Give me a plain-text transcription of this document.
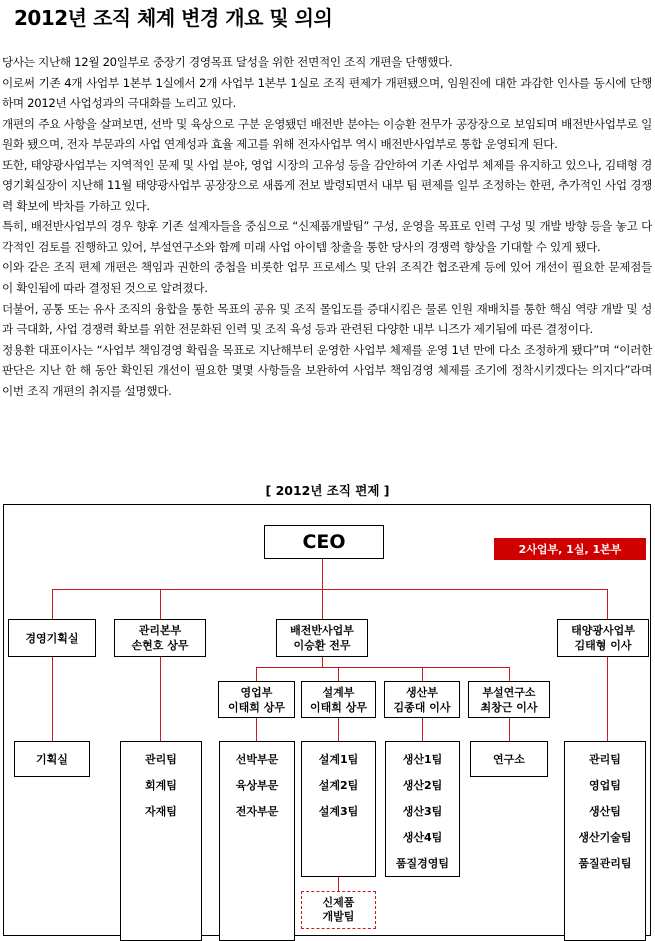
2012년 조직 체계 변경 개요 및 의의

당사는 지난해 12월 20일부로 중장기 경영목표 달성을 위한 전면적인 조직 개편을 단행했다.

이로써 기존 4개 사업부 1본부 1실에서 2개 사업부 1본부 1실로 조직 편제가 개편됐으며, 임원진에 대한 과감한 인사를 동시에 단행하며 2012년 사업성과의 극대화를 노리고 있다.

개편의 주요 사항을 살펴보면, 선박 및 육상으로 구분 운영됐던 배전반 분야는 이승환 전무가 공장장으로 보임되며 배전반사업부로 일원화 됐으며, 전자 부문과의 사업 연계성과 효율 제고를 위해 전자사업부 역시 배전반사업부로 통합 운영되게 된다.

또한, 태양광사업부는 지역적인 문제 및 사업 분야, 영업 시장의 고유성 등을 감안하여 기존 사업부 체제를 유지하고 있으나, 김태형 경영기획실장이 지난해 11월 태양광사업부 공장장으로 새롭게 전보 발령되면서 내부 팀 편제를 일부 조정하는 한편, 추가적인 사업 경쟁력 확보에 박차를 가하고 있다.

특히, 배전반사업부의 경우 향후 기존 설계자들을 중심으로 “신제품개발팀” 구성, 운영을 목표로 인력 구성 및 개발 방향 등을 놓고 다각적인 검토를 진행하고 있어, 부설연구소와 함께 미래 사업 아이템 창출을 통한 당사의 경쟁력 향상을 기대할 수 있게 됐다.

이와 같은 조직 편제 개편은 책임과 권한의 중첩을 비롯한 업무 프로세스 및 단위 조직간 협조관계 등에 있어 개선이 필요한 문제점들이 확인됨에 따라 결정된 것으로 알려졌다.

더불어, 공통 또는 유사 조직의 융합을 통한 목표의 공유 및 조직 몰입도를 증대시킴은 물론 인원 재배치를 통한 핵심 역량 개발 및 성과 극대화, 사업 경쟁력 확보를 위한 전문화된 인력 및 조직 육성 등과 관련된 다양한 내부 니즈가 제기됨에 따른 결정이다.

정용환 대표이사는 “사업부 책임경영 확립을 목표로 지난해부터 운영한 사업부 체제를 운영 1년 만에 다소 조정하게 됐다”며 “이러한 판단은 지난 한 해 동안 확인된 개선이 필요한 몇몇 사항들을 보완하여 사업부 책임경영 체제를 조기에 정착시키겠다는 의지다”라며 이번 조직 개편의 취지를 설명했다.

[ 2012년 조직 편제 ]
CEO	2사업부, 1실, 1본부
경영기획실
관리본부
손현호 상무
배전반사업부
이승환 전무
태양광사업부
김태형 이사
영업부
이태희 상무
설계부
이태희 상무
생산부
김종대 이사
부설연구소
최창근 이사
기획실	관리팀
회계팀
자재팀
선박부문
육상부문
전자부문
설계1팀
설계2팀
설계3팀
생산1팀
생산2팀
생산3팀
생산4팀
품질경영팀
연구소	관리팀
영업팀
생산팀
생산기술팀
품질관리팀
신제품
개발팀
